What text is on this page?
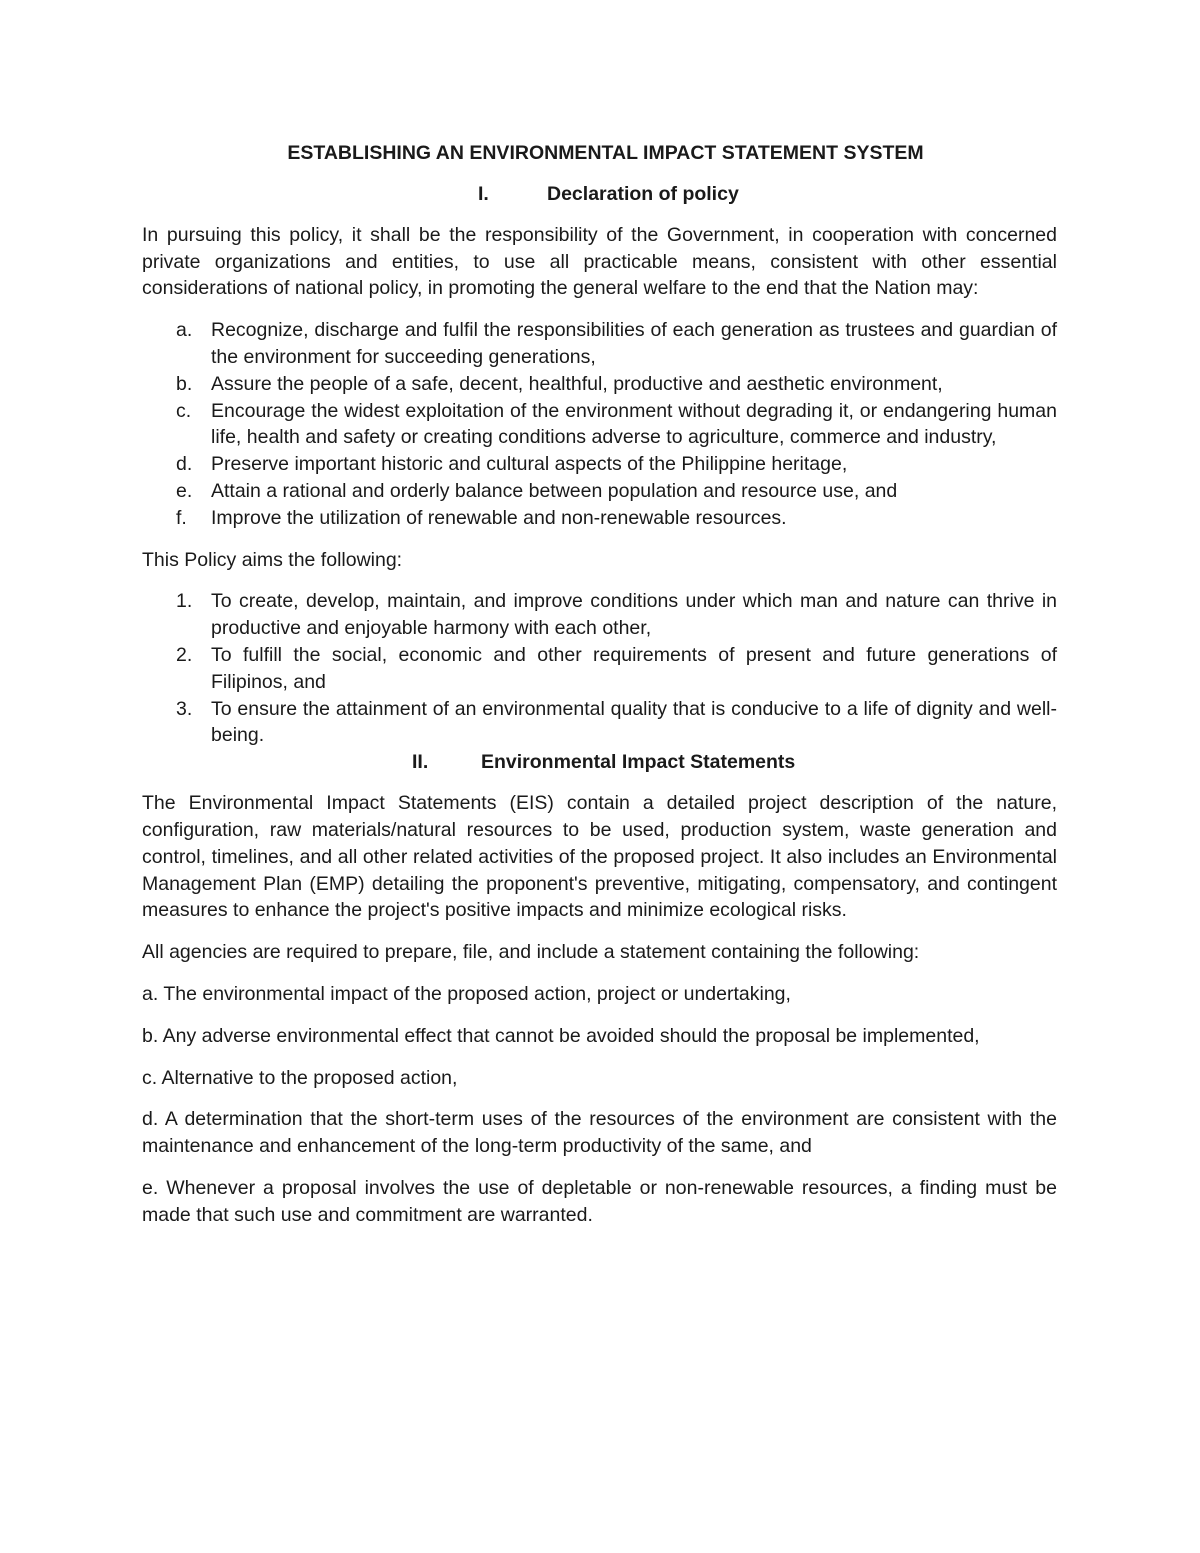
ESTABLISHING AN ENVIRONMENTAL IMPACT STATEMENT SYSTEM
I.	Declaration of policy

In pursuing this policy, it shall be the responsibility of the Government, in cooperation with concerned private organizations and entities, to use all practicable means, consistent with other essential considerations of national policy, in promoting the general welfare to the end that the Nation may:

a. Recognize, discharge and fulfil the responsibilities of each generation as trustees and guardian of the environment for succeeding generations,
b. Assure the people of a safe, decent, healthful, productive and aesthetic environment,
c. Encourage the widest exploitation of the environment without degrading it, or endangering human life, health and safety or creating conditions adverse to agriculture, commerce and industry,
d. Preserve important historic and cultural aspects of the Philippine heritage,
e. Attain a rational and orderly balance between population and resource use, and
f. Improve the utilization of renewable and non-renewable resources.

This Policy aims the following:

1. To create, develop, maintain, and improve conditions under which man and nature can thrive in productive and enjoyable harmony with each other,
2. To fulfill the social, economic and other requirements of present and future generations of Filipinos, and
3. To ensure the attainment of an environmental quality that is conducive to a life of dignity and well-being.
II.	Environmental Impact Statements

The Environmental Impact Statements (EIS) contain a detailed project description of the nature, configuration, raw materials/natural resources to be used, production system, waste generation and control, timelines, and all other related activities of the proposed project. It also includes an Environmental Management Plan (EMP) detailing the proponent's preventive, mitigating, compensatory, and contingent measures to enhance the project's positive impacts and minimize ecological risks.

All agencies are required to prepare, file, and include a statement containing the following:

a. The environmental impact of the proposed action, project or undertaking,

b. Any adverse environmental effect that cannot be avoided should the proposal be implemented,

c. Alternative to the proposed action,

d. A determination that the short-term uses of the resources of the environment are consistent with the maintenance and enhancement of the long-term productivity of the same, and

e. Whenever a proposal involves the use of depletable or non-renewable resources, a finding must be made that such use and commitment are warranted.
